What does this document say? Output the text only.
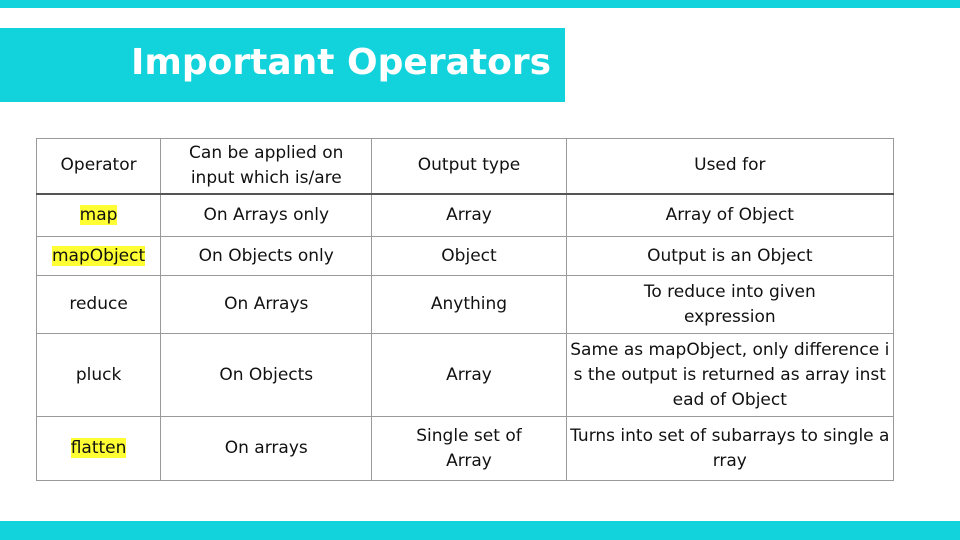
Important Operators
Operator	Can be applied on input which is/are	Output type	Used for
map	On Arrays only	Array	Array of Object
mapObject	On Objects only	Object	Output is an Object
reduce	On Arrays	Anything	To reduce into given expression
pluck	On Objects	Array	Same as mapObject, only difference is the output is returned as array instead of Object
flatten	On arrays	Single set of Array	Turns into set of subarrays to single array
